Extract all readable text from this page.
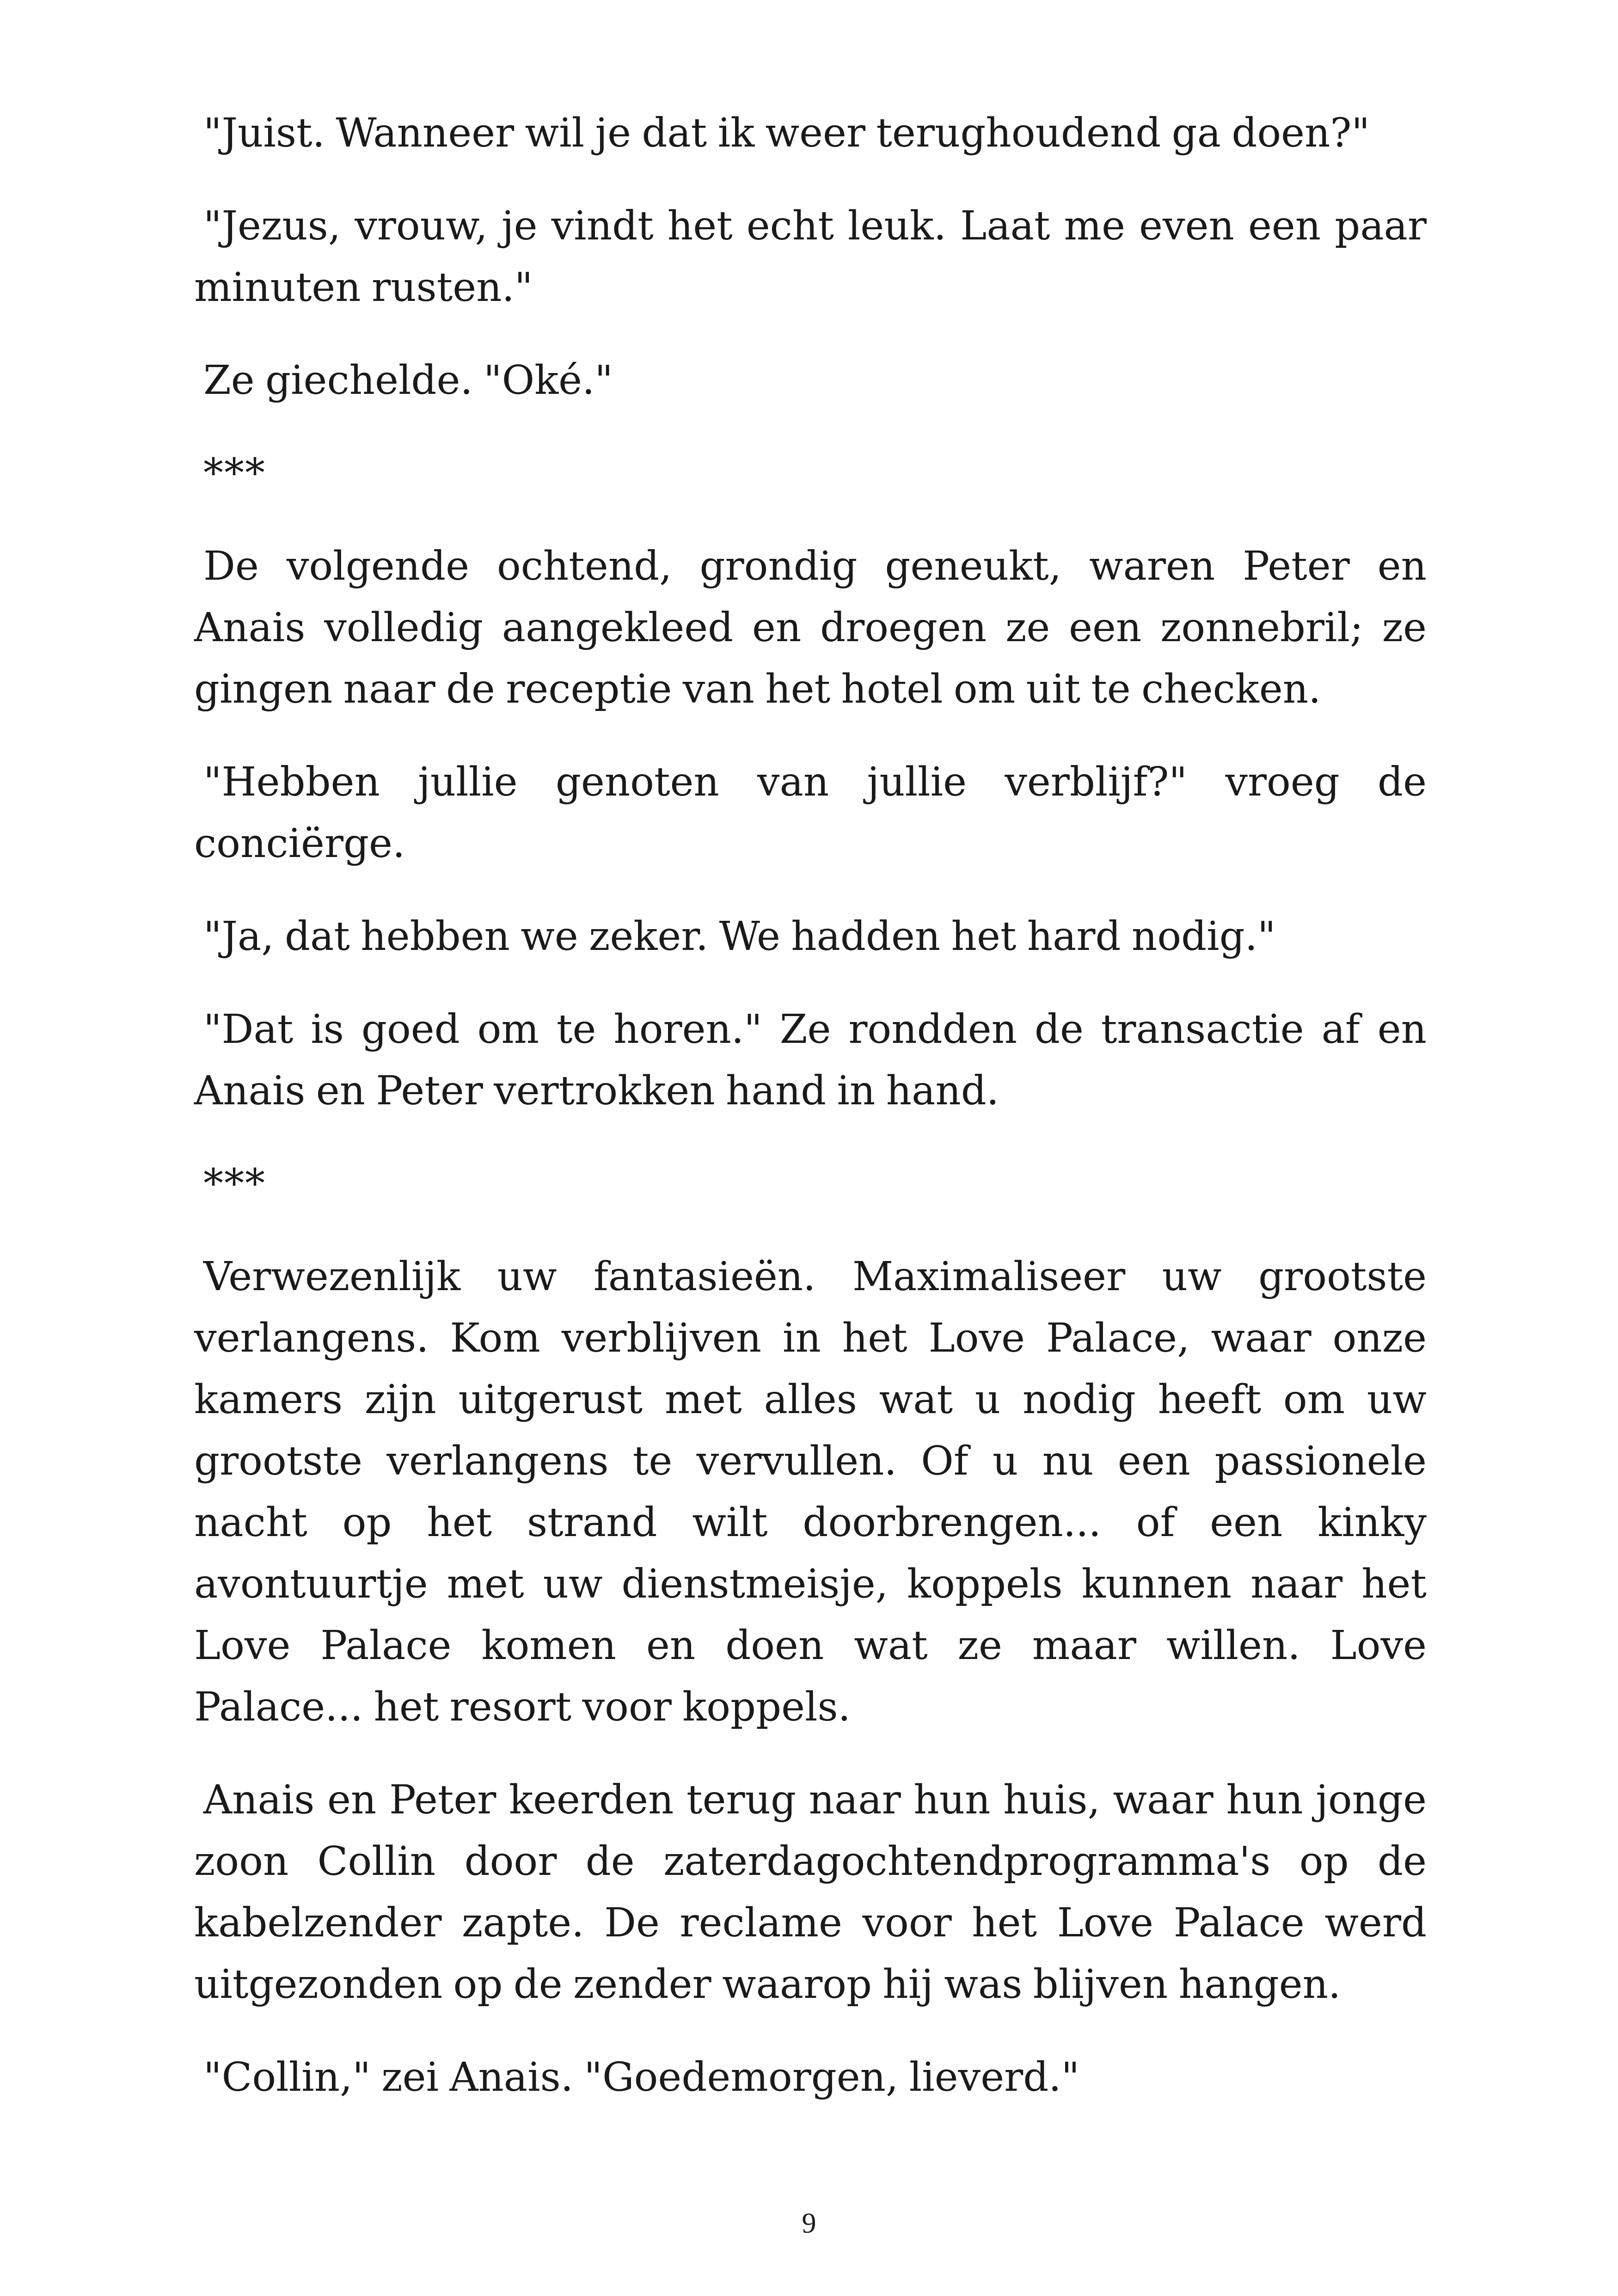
"Juist. Wanneer wil je dat ik weer terughoudend ga doen?"

"Jezus, vrouw, je vindt het echt leuk. Laat me even een paar minuten rusten."

Ze giechelde. "Oké."

***

De volgende ochtend, grondig geneukt, waren Peter en Anais volledig aangekleed en droegen ze een zonnebril; ze gingen naar de receptie van het hotel om uit te checken.

"Hebben jullie genoten van jullie verblijf?" vroeg de conciërge.

"Ja, dat hebben we zeker. We hadden het hard nodig."

"Dat is goed om te horen." Ze rondden de transactie af en Anais en Peter vertrokken hand in hand.

***

Verwezenlijk uw fantasieën. Maximaliseer uw grootste verlangens. Kom verblijven in het Love Palace, waar onze kamers zijn uitgerust met alles wat u nodig heeft om uw grootste verlangens te vervullen. Of u nu een passionele nacht op het strand wilt doorbrengen... of een kinky avontuurtje met uw dienstmeisje, koppels kunnen naar het Love Palace komen en doen wat ze maar willen. Love Palace... het resort voor koppels.

Anais en Peter keerden terug naar hun huis, waar hun jonge zoon Collin door de zaterdagochtendprogramma's op de kabelzender zapte. De reclame voor het Love Palace werd uitgezonden op de zender waarop hij was blijven hangen.

"Collin," zei Anais. "Goedemorgen, lieverd."

9
